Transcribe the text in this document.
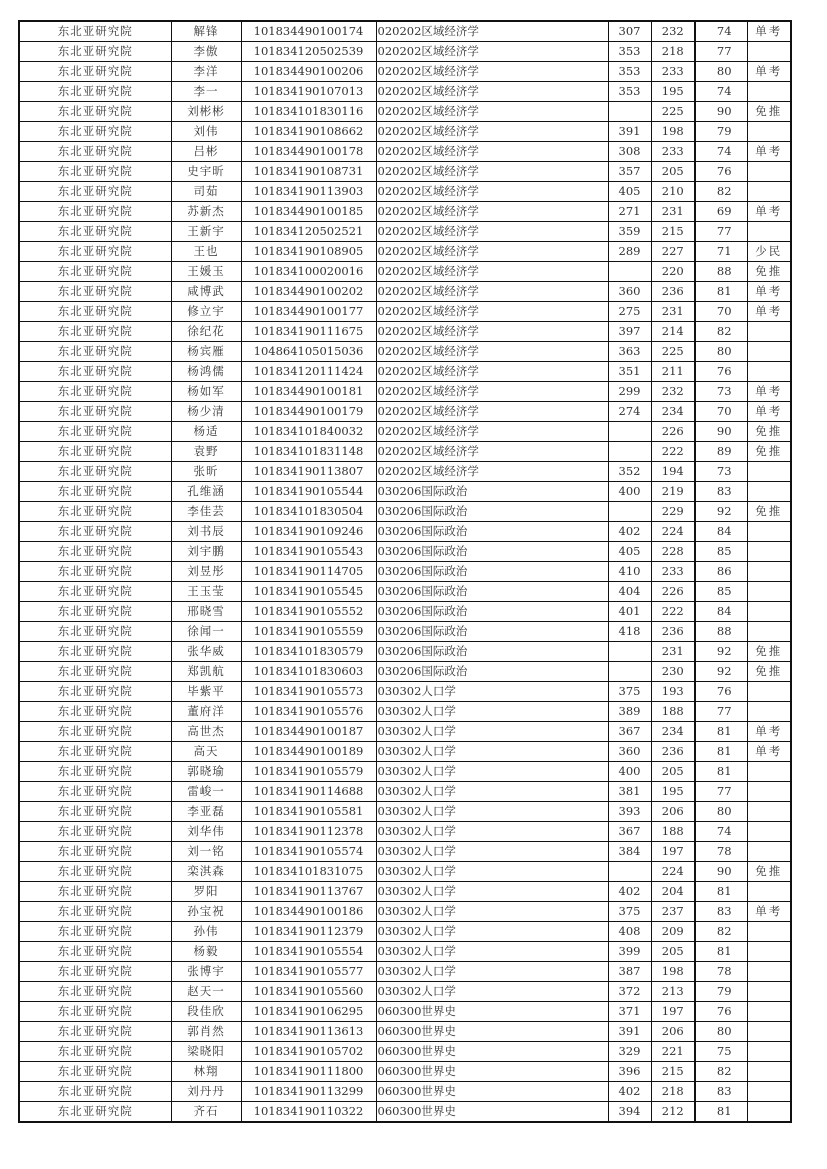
东北亚研究院	解锋	101834490100174	020202区域经济学	307	232	74	单考
东北亚研究院	李傲	101834120502539	020202区域经济学	353	218	77	
东北亚研究院	李洋	101834490100206	020202区域经济学	353	233	80	单考
东北亚研究院	李一	101834190107013	020202区域经济学	353	195	74	
东北亚研究院	刘彬彬	101834101830116	020202区域经济学		225	90	免推
东北亚研究院	刘伟	101834190108662	020202区域经济学	391	198	79	
东北亚研究院	吕彬	101834490100178	020202区域经济学	308	233	74	单考
东北亚研究院	史宇昕	101834190108731	020202区域经济学	357	205	76	
东北亚研究院	司茹	101834190113903	020202区域经济学	405	210	82	
东北亚研究院	苏新杰	101834490100185	020202区域经济学	271	231	69	单考
东北亚研究院	王新宇	101834120502521	020202区域经济学	359	215	77	
东北亚研究院	王也	101834190108905	020202区域经济学	289	227	71	少民
东北亚研究院	王媛玉	101834100020016	020202区域经济学		220	88	免推
东北亚研究院	咸博武	101834490100202	020202区域经济学	360	236	81	单考
东北亚研究院	修立宇	101834490100177	020202区域经济学	275	231	70	单考
东北亚研究院	徐纪花	101834190111675	020202区域经济学	397	214	82	
东北亚研究院	杨宾雁	104864105015036	020202区域经济学	363	225	80	
东北亚研究院	杨鸿儒	101834120111424	020202区域经济学	351	211	76	
东北亚研究院	杨如军	101834490100181	020202区域经济学	299	232	73	单考
东北亚研究院	杨少清	101834490100179	020202区域经济学	274	234	70	单考
东北亚研究院	杨适	101834101840032	020202区域经济学		226	90	免推
东北亚研究院	袁野	101834101831148	020202区域经济学		222	89	免推
东北亚研究院	张昕	101834190113807	020202区域经济学	352	194	73	
东北亚研究院	孔维涵	101834190105544	030206国际政治	400	219	83	
东北亚研究院	李佳芸	101834101830504	030206国际政治		229	92	免推
东北亚研究院	刘书辰	101834190109246	030206国际政治	402	224	84	
东北亚研究院	刘宇鹏	101834190105543	030206国际政治	405	228	85	
东北亚研究院	刘昱彤	101834190114705	030206国际政治	410	233	86	
东北亚研究院	王玉莹	101834190105545	030206国际政治	404	226	85	
东北亚研究院	邢晓雪	101834190105552	030206国际政治	401	222	84	
东北亚研究院	徐闻一	101834190105559	030206国际政治	418	236	88	
东北亚研究院	张华威	101834101830579	030206国际政治		231	92	免推
东北亚研究院	郑凯航	101834101830603	030206国际政治		230	92	免推
东北亚研究院	毕紫平	101834190105573	030302人口学	375	193	76	
东北亚研究院	董府洋	101834190105576	030302人口学	389	188	77	
东北亚研究院	高世杰	101834490100187	030302人口学	367	234	81	单考
东北亚研究院	高天	101834490100189	030302人口学	360	236	81	单考
东北亚研究院	郭晓瑜	101834190105579	030302人口学	400	205	81	
东北亚研究院	雷峻一	101834190114688	030302人口学	381	195	77	
东北亚研究院	李亚磊	101834190105581	030302人口学	393	206	80	
东北亚研究院	刘华伟	101834190112378	030302人口学	367	188	74	
东北亚研究院	刘一铭	101834190105574	030302人口学	384	197	78	
东北亚研究院	栾淇森	101834101831075	030302人口学		224	90	免推
东北亚研究院	罗阳	101834190113767	030302人口学	402	204	81	
东北亚研究院	孙宝祝	101834490100186	030302人口学	375	237	83	单考
东北亚研究院	孙伟	101834190112379	030302人口学	408	209	82	
东北亚研究院	杨毅	101834190105554	030302人口学	399	205	81	
东北亚研究院	张博宇	101834190105577	030302人口学	387	198	78	
东北亚研究院	赵天一	101834190105560	030302人口学	372	213	79	
东北亚研究院	段佳欣	101834190106295	060300世界史	371	197	76	
东北亚研究院	郭肖然	101834190113613	060300世界史	391	206	80	
东北亚研究院	梁晓阳	101834190105702	060300世界史	329	221	75	
东北亚研究院	林翔	101834190111800	060300世界史	396	215	82	
东北亚研究院	刘丹丹	101834190113299	060300世界史	402	218	83	
东北亚研究院	齐石	101834190110322	060300世界史	394	212	81	
